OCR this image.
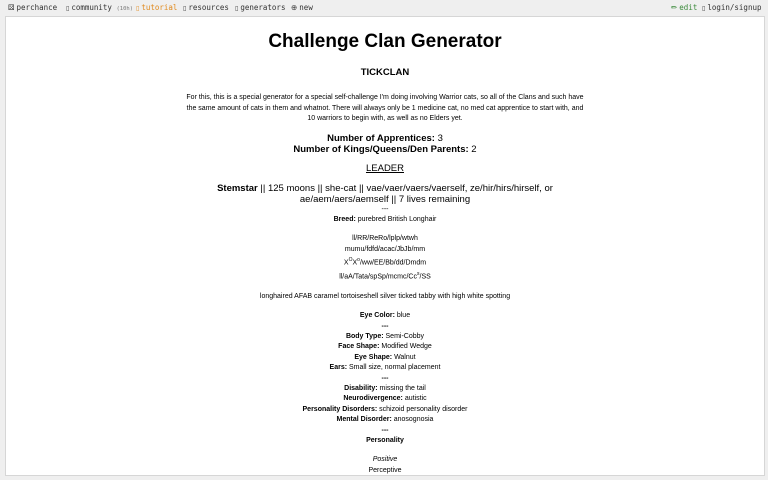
⚄ perchance ▯ community (10h) ▯ tutorial ▯ resources ▯ generators ⊕ new	✏ edit ▯ login/signup
Challenge Clan Generator
TICKCLAN
For this, this is a special generator for a special self-challenge I'm doing involving Warrior cats, so all of the Clans and such have the same amount of cats in them and whatnot. There will always only be 1 medicine cat, no med cat apprentice to start with, and 10 warriors to begin with, as well as no Elders yet.
Number of Apprentices: 3
Number of Kings/Queens/Den Parents: 2
LEADER
Stemstar || 125 moons || she-cat || vae/vaer/vaers/vaerself, ze/hir/hirs/hirself, or ae/aem/aers/aemself || 7 lives remaining
---
Breed: purebred British Longhair
ll/RR/ReRo/lplp/wtwh
mumu/fdfd/acac/JbJb/mm
$X^OX^o/ww/EE/Bb/dd$/Dmdm
ll/aA/Tata/spSp/mcmc/Cc$^s$/SS
longhaired AFAB caramel tortoiseshell silver ticked tabby with high white spotting
Eye Color: blue
---
Body Type: Semi-Cobby
Face Shape: Modified Wedge
Eye Shape: Walnut
Ears: Small size, normal placement
---
Disability: missing the tail
Neurodivergence: autistic
Personality Disorders: schizoid personality disorder
Mental Disorder: anosognosia
---
Personality
Positive
Perceptive
